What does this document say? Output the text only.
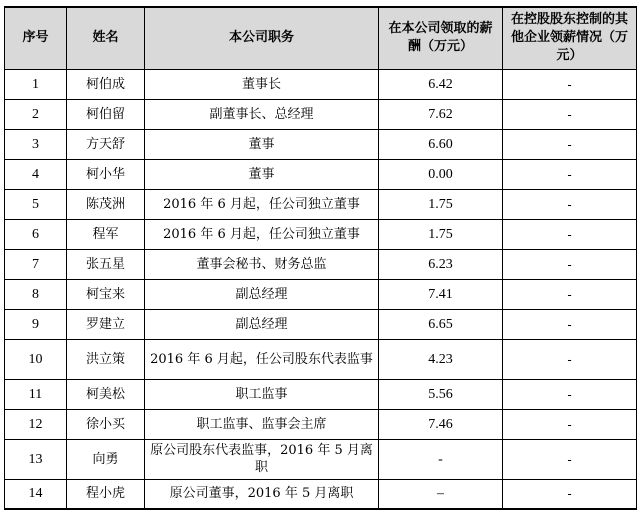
序号	姓名	本公司职务	在本公司领取的薪酬（万元）	在控股股东控制的其他企业领薪情况（万元）
1	柯伯成	董事长	6.42	-
2	柯伯留	副董事长、总经理	7.62	-
3	方天舒	董事	6.60	-
4	柯小华	董事	0.00	-
5	陈茂洲	2016 年 6 月起，任公司独立董事	1.75	-
6	程军	2016 年 6 月起，任公司独立董事	1.75	-
7	张五星	董事会秘书、财务总监	6.23	-
8	柯宝来	副总经理	7.41	-
9	罗建立	副总经理	6.65	-
10	洪立策	2016 年 6 月起，任公司股东代表监事	4.23	-
11	柯美松	职工监事	5.56	-
12	徐小买	职工监事、监事会主席	7.46	-
13	向勇	原公司股东代表监事，2016 年 5 月离职	-	-
14	程小虎	原公司董事，2016 年 5 月离职	–	-
